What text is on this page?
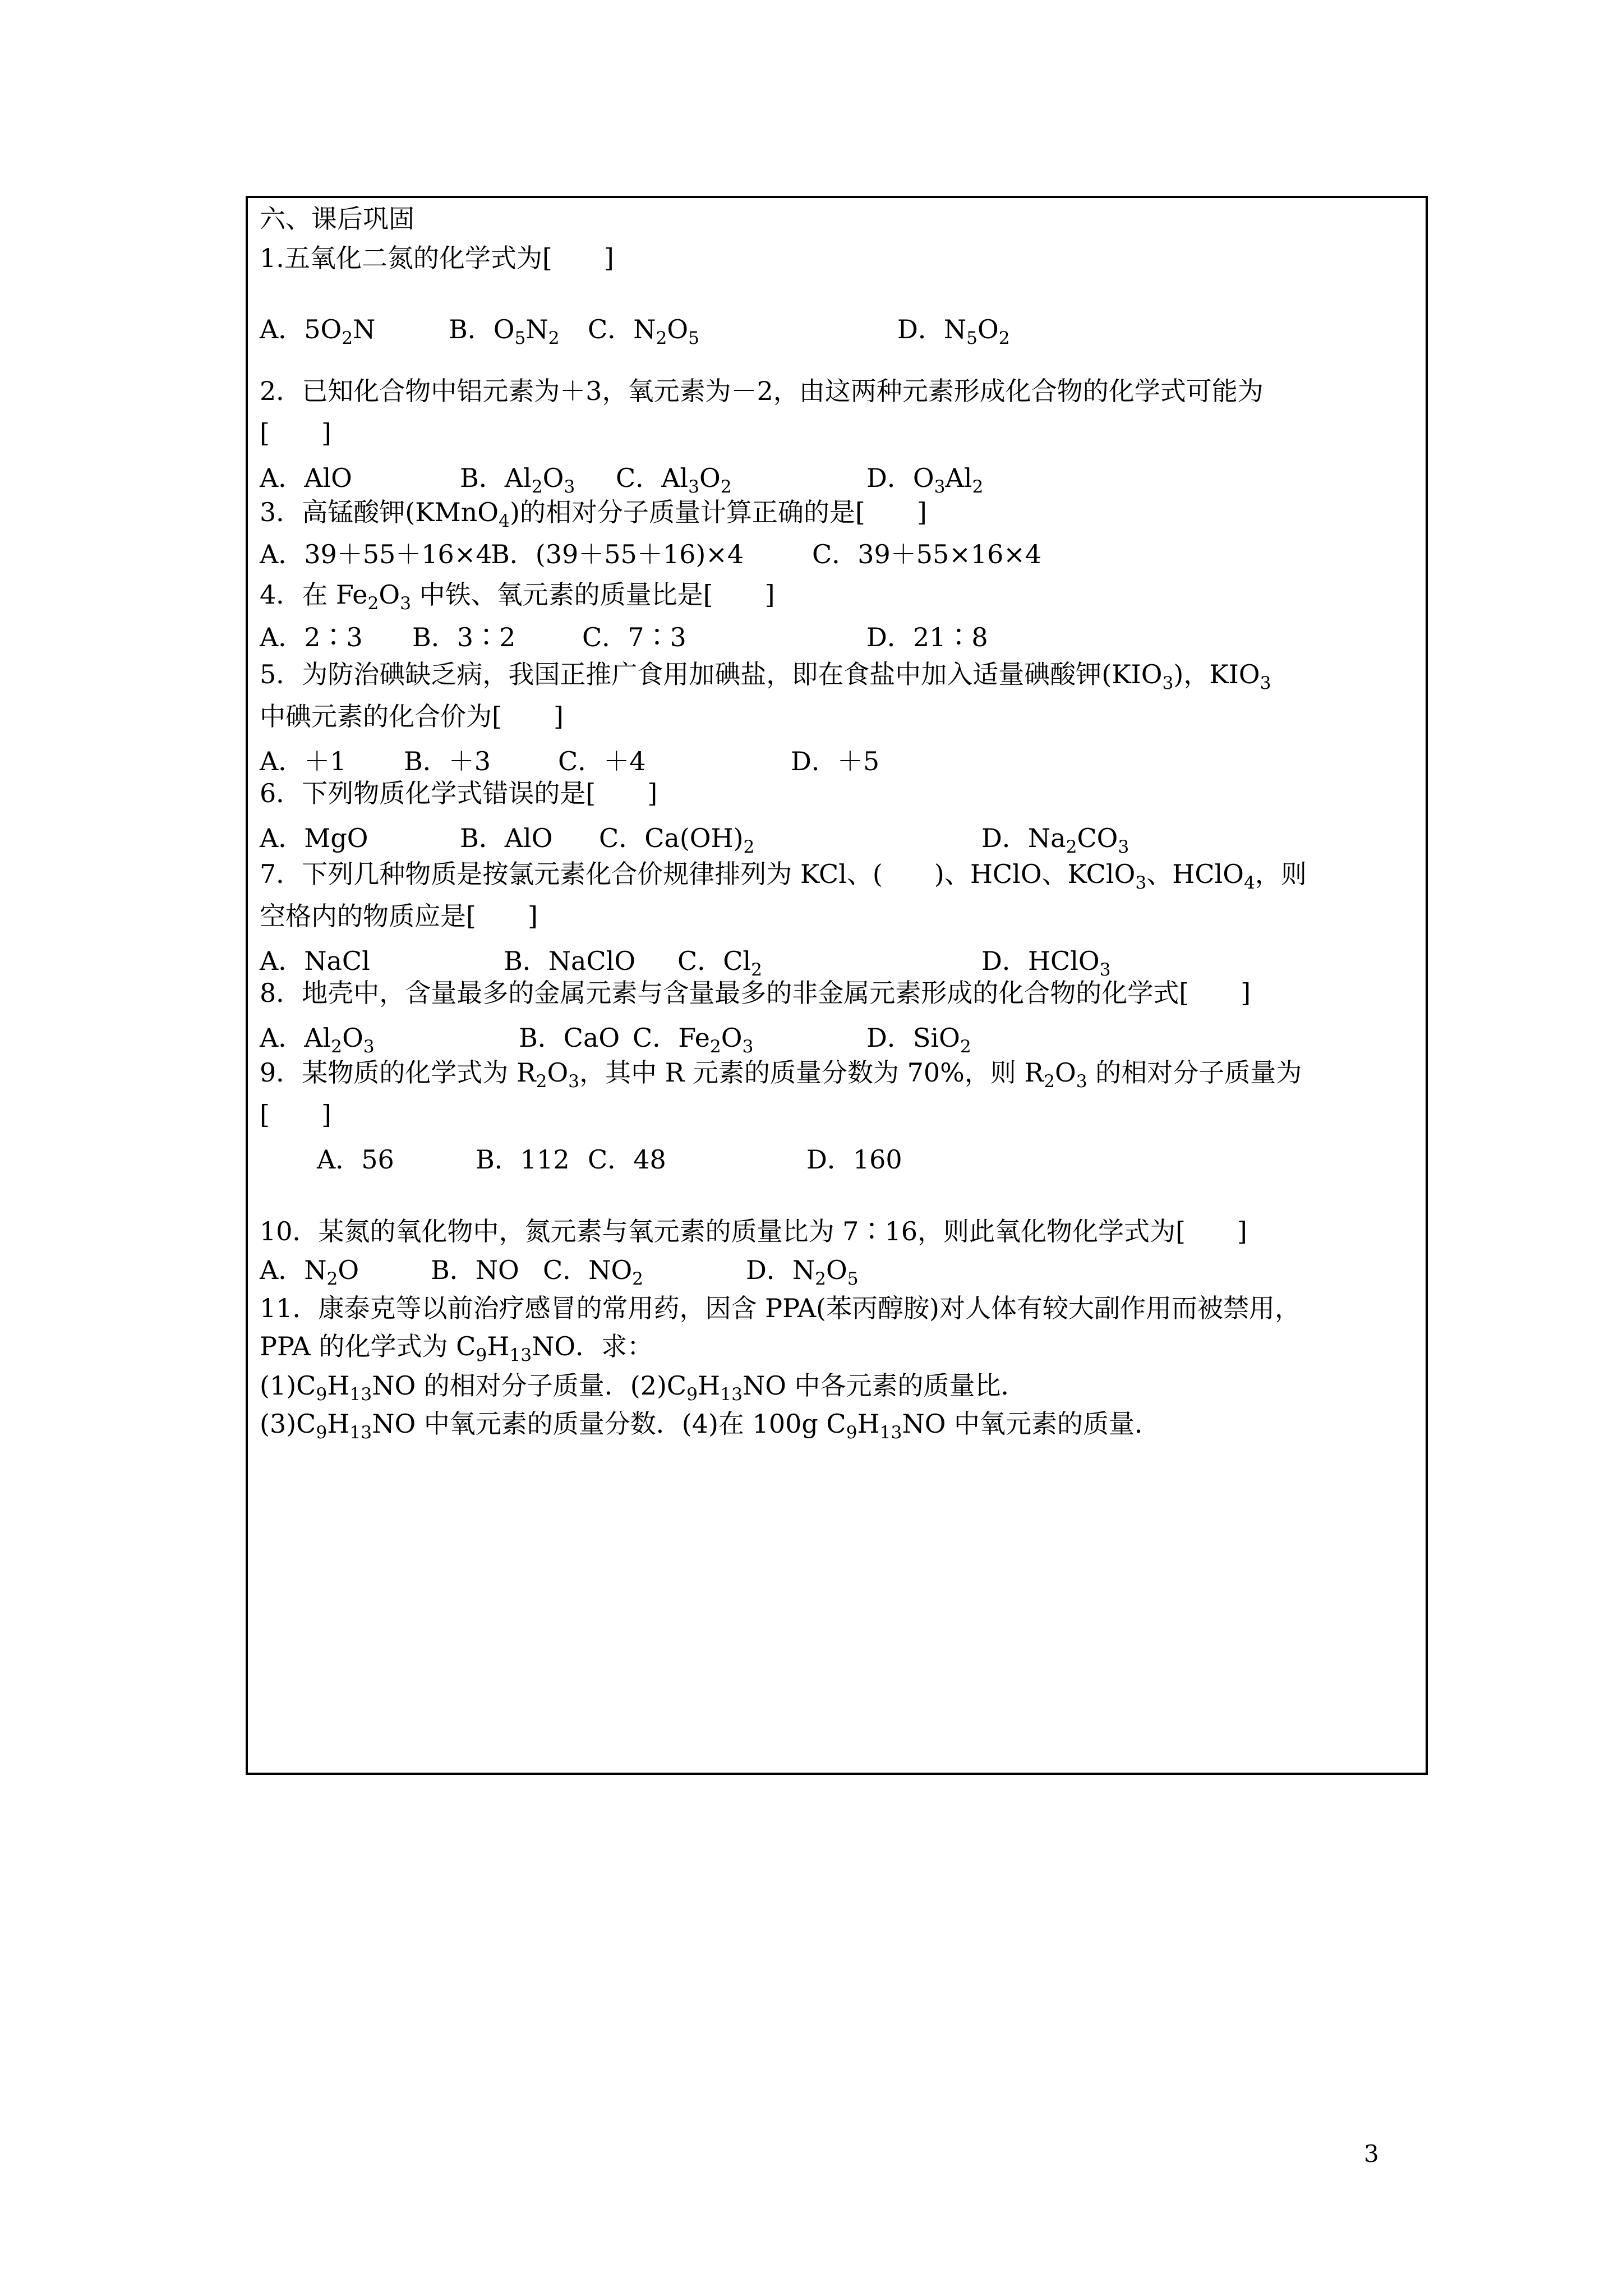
六、课后巩固
1.五氧化二氮的化学式为[　　]
A．$5O_2N$	B．$O_5N_2$ C．$N_2O_5$	D．$N_5O_2$
2．已知化合物中铝元素为＋3，氧元素为－2，由这两种元素形成化合物的化学式可能为
[　　]
A．AlO	B．$Al_2O_3$ C．$Al_3O_2$	D．$O_3Al_2$
3．高锰酸钾(KMnO$_4$)的相对分子质量计算正确的是[　　]
A．39＋55＋16×4
B．(39＋55＋16)×4	C．39＋55×16×4
4．在 $Fe_2O_3$ 中铁、氧元素的质量比是[　　]
A．2∶3 B．3∶2	C．7∶3	D．21∶8
5．为防治碘缺乏病，我国正推广食用加碘盐，即在食盐中加入适量碘酸钾$(KIO_3)$，$KIO_3$
中碘元素的化合价为[　　]
A．＋1 B．＋3	C．＋4	D．＋5
6．下列物质化学式错误的是[　　]
A．MgO	B．AlO C．$Ca(OH)_2$	D．$Na_2CO_3$
7．下列几种物质是按氯元素化合价规律排列为 KCl、(　　)、HClO、KClO$_3$、HClO$_4$，则
空格内的物质应是[　　]
A．NaCl	B．NaClO C．$Cl_2$	D．HClO$_3$
8．地壳中，含量最多的金属元素与含量最多的非金属元素形成的化合物的化学式[　　]
A．$Al_2O_3$	B．CaO C．$Fe_2O_3$	D．SiO$_2$
9．某物质的化学式为 $R_2O_3$，其中 R 元素的质量分数为 70%，则 $R_2O_3$ 的相对分子质量为
[　　]
A．56	B．112 C．48	D．160
10．某氮的氧化物中，氮元素与氧元素的质量比为 7∶16，则此氧化物化学式为[　　]
A．$N_2O$	B．NO C．$NO_2$	D．$N_2O_5$
11．康泰克等以前治疗感冒的常用药，因含 PPA(苯丙醇胺)对人体有较大副作用而被禁用，
PPA 的化学式为 $C_9H_{13}NO$．求：
$(1)C_9H_{13}NO$ 的相对分子质量．$(2)C_9H_{13}NO$ 中各元素的质量比．
$(3)C_9H_{13}NO$ 中氧元素的质量分数．(4)在 100g $C_9H_{13}NO$ 中氧元素的质量．
3
